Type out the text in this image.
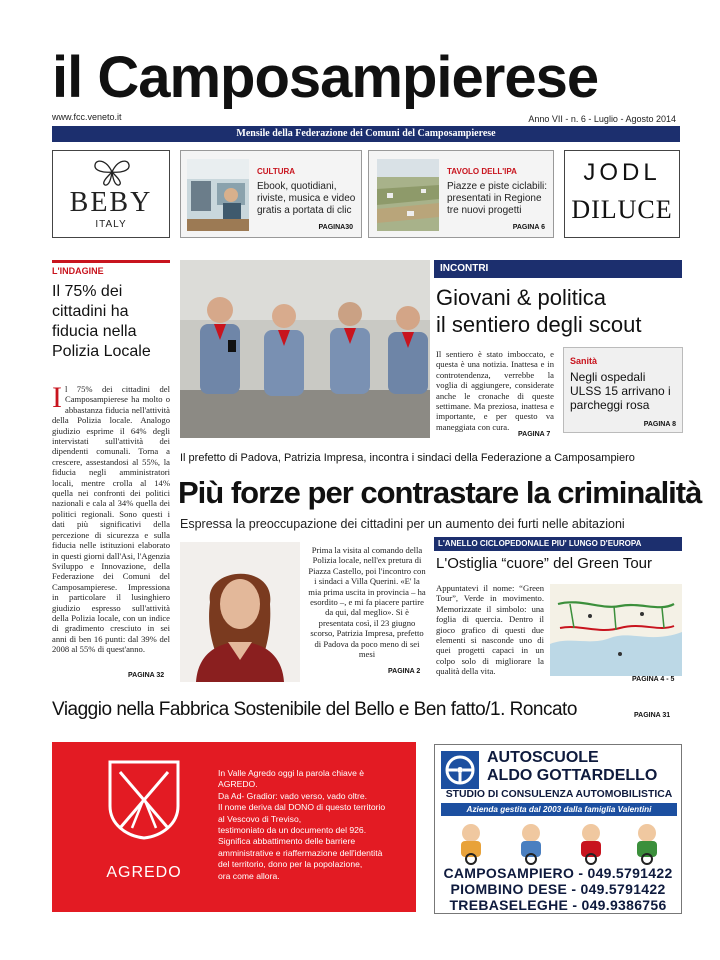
il Camposampierese
www.fcc.veneto.it	Anno VII - n. 6 - Luglio - Agosto 2014
Mensile della Federazione dei Comuni del Camposampierese
BEBY
ITALY
CULTURA
Ebook, quotidiani, riviste, musica e video gratis a portata di clic
PAGINA30
TAVOLO DELL'IPA
Piazze e piste ciclabili: presentati in Regione tre nuovi progetti
PAGINA 6
JODL
DILUCE
L'INDAGINE
Il 75% dei cittadini ha fiducia nella Polizia Locale
I l 75% dei cittadini del Camposampierese ha molto o abbastanza fiducia nell'attività della Polizia locale. Analogo giudizio esprime il 64% degli intervistati sull'attività dei dipendenti comunali. Torna a crescere, assestandosi al 55%, la fiducia negli amministratori locali, mentre crolla al 14% quella nei confronti dei politici nazionali e cala al 34% quella dei politici regionali. Sono questi i dati più significativi della percezione di sicurezza e sulla fiducia nelle istituzioni elaborato in questi giorni dall'Asi, l'Agenzia Sviluppo e Innovazione, della Federazione dei Comuni del Camposampierese. Impressiona in particolare il lusinghiero giudizio espresso sull'attività della Polizia locale, con un indice di gradimento cresciuto in sei anni di ben 16 punti: dal 39% del 2008 al 55% di quest'anno.
PAGINA 32
INCONTRI
Giovani & politica
il sentiero degli scout
Il sentiero è stato imboccato, e questa è una notizia. Inattesa e in controtendenza, verrebbe la voglia di aggiungere, considerate anche le cronache di queste settimane. Ma preziosa, inattesa e importante, e per questo va maneggiata con cura.
PAGINA 7
Sanità
Negli ospedali ULSS 15 arrivano i parcheggi rosa
PAGINA 8
Il prefetto di Padova, Patrizia Impresa, incontra i sindaci della Federazione a Camposampiero
Più forze per contrastare la criminalità
Espressa la preoccupazione dei cittadini per un aumento dei furti nelle abitazioni
Prima la visita al comando della Polizia locale, nell'ex pretura di Piazza Castello, poi l'incontro con i sindaci a Villa Querini. «E' la mia prima uscita in provincia – ha esordito –, e mi fa piacere partire da qui, dal meglio». Si è presentata così, il 23 giugno scorso, Patrizia Impresa, prefetto di Padova da poco meno di sei mesi
PAGINA 2
L'ANELLO CICLOPEDONALE PIU' LUNGO D'EUROPA
L'Ostiglia “cuore” del Green Tour
Appuntatevi il nome: “Green Tour”, Verde in movimento. Memorizzate il simbolo: una foglia di quercia. Dentro il gioco grafico di questi due elementi si nasconde uno di quei progetti capaci in un colpo solo di migliorare la qualità della vita.
PAGINA 4 - 5
Viaggio nella Fabbrica Sostenibile del Bello e Ben fatto/1. Roncato	PAGINA 31
AGREDO
In Valle Agredo oggi la parola chiave è
AGREDO.
Da Ad- Gradior: vado verso, vado oltre.
Il nome deriva dal DONO di questo territorio
al Vescovo di Treviso,
testimoniato da un documento del 926.
Significa abbattimento delle barriere
amministrative e riaffermazione dell'identità
del territorio, dono per la popolazione,
ora come allora.
AUTOSCUOLE
ALDO GOTTARDELLO
STUDIO DI CONSULENZA AUTOMOBILISTICA
Azienda gestita dal 2003 dalla famiglia Valentini
CAMPOSAMPIERO - 049.5791422
PIOMBINO DESE - 049.5791422
TREBASELEGHE - 049.9386756
